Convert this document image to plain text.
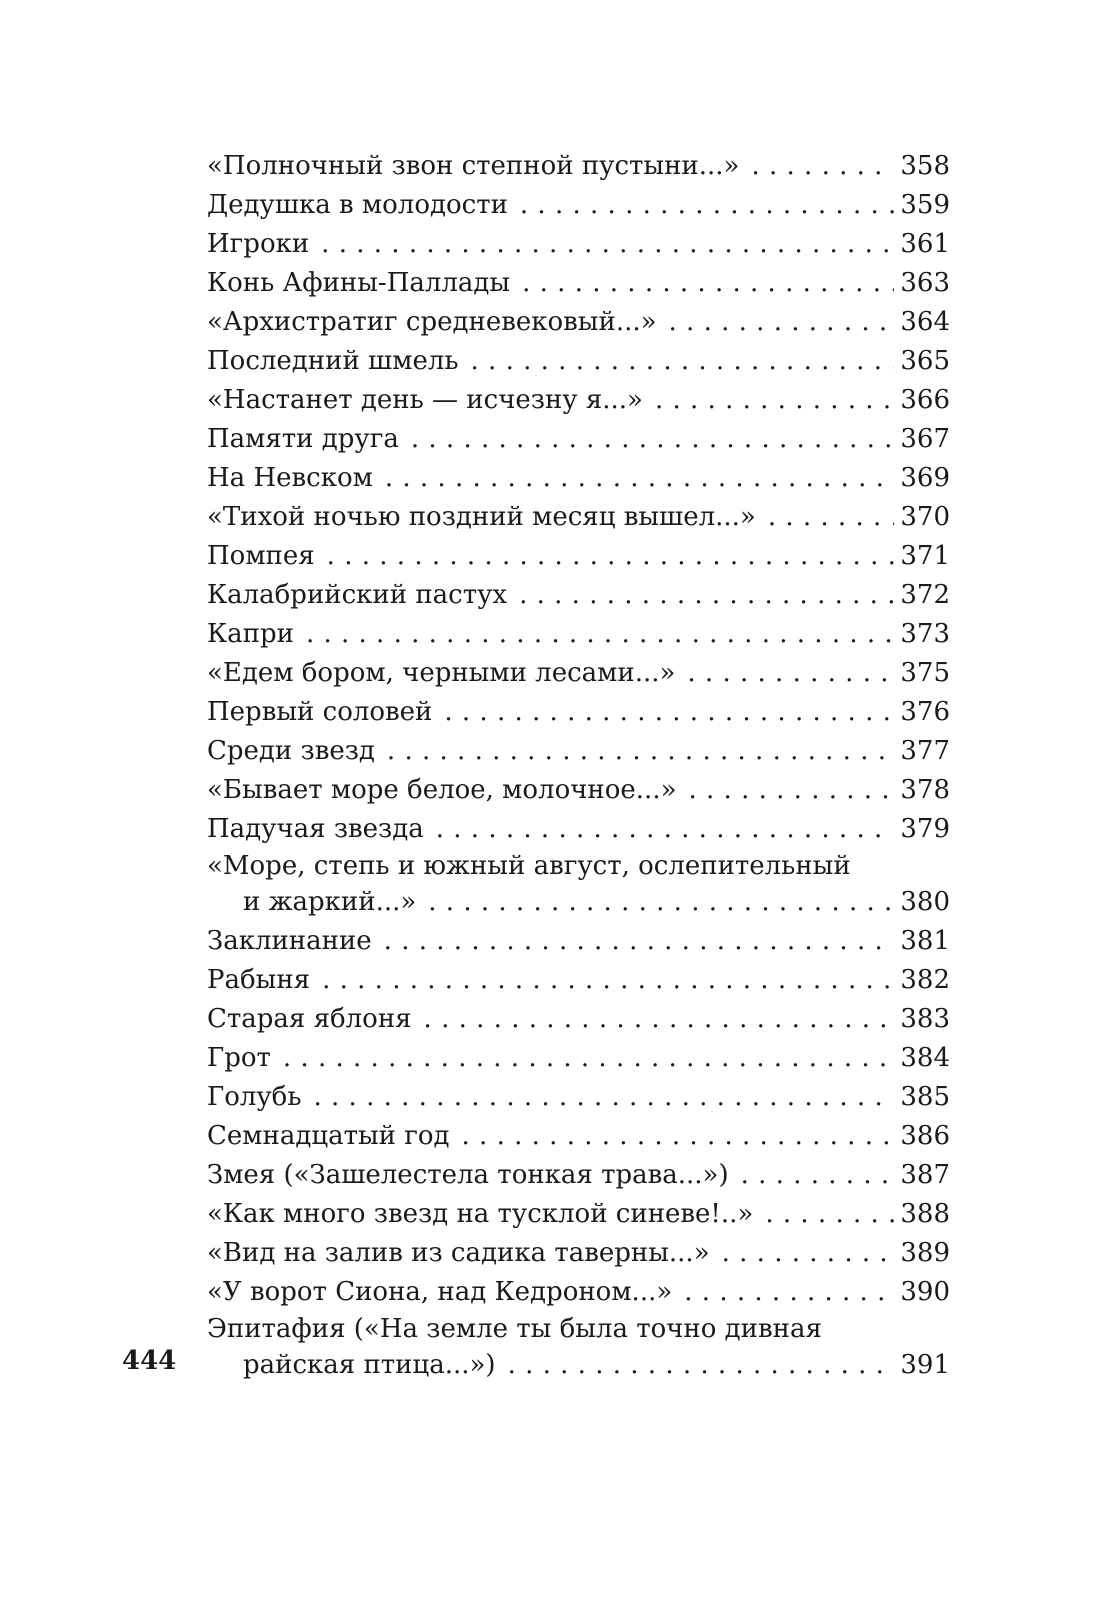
«Полночный звон степной пустыни...» . . .	358
Дедушка в молодости . . .	359
Игроки . . .	361
Конь Афины-Паллады . . .	363
«Архистратиг средневековый...» . . .	364
Последний шмель . . .	365
«Настанет день — исчезну я...» . . .	366
Памяти друга . . .	367
На Невском . . .	369
«Тихой ночью поздний месяц вышел...» . . .	370
Помпея . . .	371
Калабрийский пастух . . .	372
Капри . . .	373
«Едем бором, черными лесами...» . . .	375
Первый соловей . . .	376
Среди звезд . . .	377
«Бывает море белое, молочное...» . . .	378
Падучая звезда . . .	379
«Море, степь и южный август, ослепительный
и жаркий...» . . .	380
Заклинание . . .	381
Рабыня . . .	382
Старая яблоня . . .	383
Грот . . .	384
Голубь . . .	385
Семнадцатый год . . .	386
Змея («Зашелестела тонкая трава...») . . .	387
«Как много звезд на тусклой синеве!..» . . .	388
«Вид на залив из садика таверны...» . . .	389
«У ворот Сиона, над Кедроном...» . . .	390
Эпитафия («На земле ты была точно дивная
райская птица...») . . .	391
444
